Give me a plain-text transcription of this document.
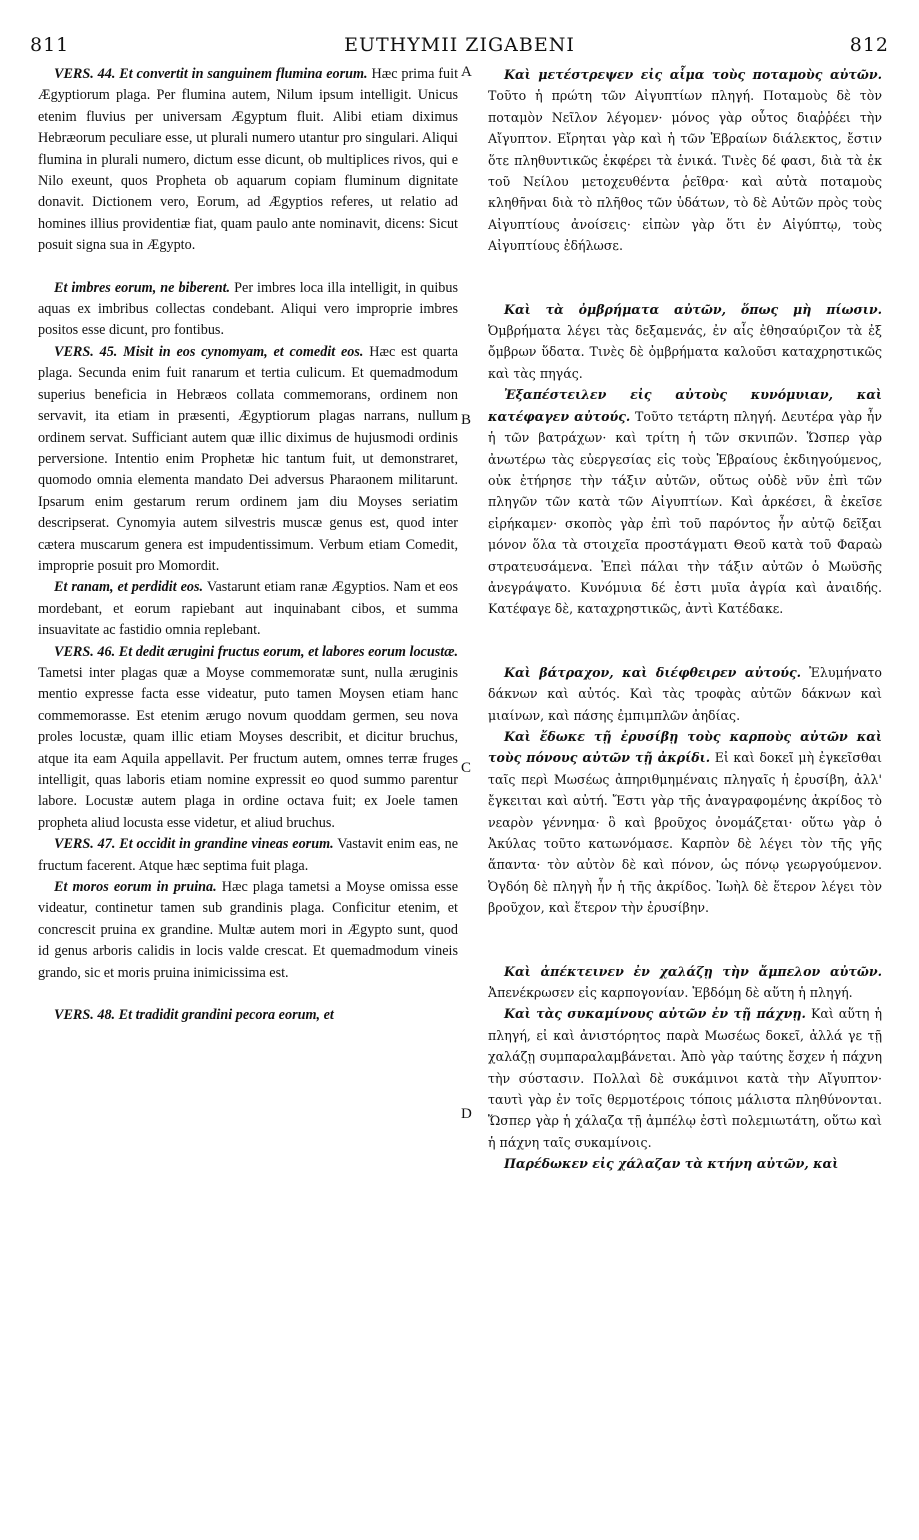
811	EUTHYMII ZIGABENI	812
A
B
C
D

VERS. 44. Et convertit in sanguinem flumina eorum. Hæc prima fuit Ægyptiorum plaga. Per flumina autem, Nilum ipsum intelligit. Unicus etenim fluvius per universam Ægyptum fluit. Alibi etiam diximus Hebræorum peculiare esse, ut plurali numero utantur pro singulari. Aliqui flumina in plurali numero, dictum esse dicunt, ob multiplices rivos, qui e Nilo exeunt, quos Propheta ob aquarum copiam fluminum dignitate donavit. Dictionem vero, Eorum, ad Ægyptios referes, ut relatio ad homines illius providentiæ fiat, quam paulo ante nominavit, dicens: Sicut posuit signa sua in Ægypto.

Et imbres eorum, ne biberent. Per imbres loca illa intelligit, in quibus aquas ex imbribus collectas condebant. Aliqui vero improprie imbres positos esse dicunt, pro fontibus.

VERS. 45. Misit in eos cynomyam, et comedit eos. Hæc est quarta plaga. Secunda enim fuit ranarum et tertia culicum. Et quemadmodum superius beneficia in Hebræos collata commemorans, ordinem non servavit, ita etiam in præsenti, Ægyptiorum plagas narrans, nullum ordinem servat. Sufficiant autem quæ illic diximus de hujusmodi ordinis perversione. Intentio enim Prophetæ hic tantum fuit, ut demonstraret, quomodo omnia elementa mandato Dei adversus Pharaonem militarunt. Ipsarum enim gestarum rerum ordinem jam diu Moyses seriatim descripserat. Cynomyia autem silvestris muscæ genus est, quod inter cætera muscarum genera est impudentissimum. Verbum etiam Comedit, improprie posuit pro Momordit.

Et ranam, et perdidit eos. Vastarunt etiam ranæ Ægyptios. Nam et eos mordebant, et eorum rapiebant aut inquinabant cibos, et summa insuavitate ac fastidio omnia replebant.

VERS. 46. Et dedit ærugini fructus eorum, et labores eorum locustæ. Tametsi inter plagas quæ a Moyse commemoratæ sunt, nulla æruginis mentio expresse facta esse videatur, puto tamen Moysen etiam hanc commemorasse. Est etenim ærugo novum quoddam germen, seu nova proles locustæ, quam illic etiam Moyses describit, et dicitur bruchus, atque ita eam Aquila appellavit. Per fructum autem, omnes terræ fruges intelligit, quas laboris etiam nomine expressit eo quod summo parentur labore. Locustæ autem plaga in ordine octava fuit; ex Joele tamen propheta aliud locusta esse videtur, et aliud bruchus.

VERS. 47. Et occidit in grandine vineas eorum. Vastavit enim eas, ne fructum facerent. Atque hæc septima fuit plaga.

Et moros eorum in pruina. Hæc plaga tametsi a Moyse omissa esse videatur, continetur tamen sub grandinis plaga. Conficitur etenim, et concrescit pruina ex grandine. Multæ autem mori in Ægypto sunt, quod id genus arboris calidis in locis valde crescat. Et quemadmodum vineis grando, sic et moris pruina inimicissima est.

VERS. 48. Et tradidit grandini pecora eorum, et

Καὶ μετέστρεψεν εἰς αἷμα τοὺς ποταμοὺς αὐτῶν. Τοῦτο ἡ πρώτη τῶν Αἰγυπτίων πληγή. Ποταμοὺς δὲ τὸν ποταμὸν Νεῖλον λέγομεν· μόνος γὰρ οὗτος διαῤῥέει τὴν Αἴγυπτον. Εἴρηται γὰρ καὶ ἡ τῶν Ἑβραίων διάλεκτος, ἔστιν ὅτε πληθυντικῶς ἐκφέρει τὰ ἑνικά. Τινὲς δέ φασι, διὰ τὰ ἐκ τοῦ Νείλου μετοχευθέντα ῥεῖθρα· καὶ αὐτὰ ποταμοὺς κληθῆναι διὰ τὸ πλῆθος τῶν ὑδάτων, τὸ δὲ Αὐτῶν πρὸς τοὺς Αἰγυπτίους ἀνοίσεις· εἰπὼν γὰρ ὅτι ἐν Αἰγύπτῳ, τοὺς Αἰγυπτίους ἐδήλωσε.

Καὶ τὰ ὀμβρήματα αὐτῶν, ὅπως μὴ πίωσιν. Ὀμβρήματα λέγει τὰς δεξαμενάς, ἐν αἷς ἐθησαύριζον τὰ ἐξ ὄμβρων ὕδατα. Τινὲς δὲ ὀμβρήματα καλοῦσι καταχρηστικῶς καὶ τὰς πηγάς.

Ἐξαπέστειλεν εἰς αὐτοὺς κυνόμυιαν, καὶ κατέφαγεν αὐτούς. Τοῦτο τετάρτη πληγή. Δευτέρα γὰρ ἦν ἡ τῶν βατράχων· καὶ τρίτη ἡ τῶν σκνιπῶν. Ὥσπερ γὰρ ἀνωτέρω τὰς εὐεργεσίας εἰς τοὺς Ἑβραίους ἐκδιηγούμενος, οὐκ ἐτήρησε τὴν τάξιν αὐτῶν, οὕτως οὐδὲ νῦν ἐπὶ τῶν πληγῶν τῶν κατὰ τῶν Αἰγυπτίων. Καὶ ἀρκέσει, ἃ ἐκεῖσε εἰρήκαμεν· σκοπὸς γὰρ ἐπὶ τοῦ παρόντος ἦν αὐτῷ δεῖξαι μόνον ὅλα τὰ στοιχεῖα προστάγματι Θεοῦ κατὰ τοῦ Φαραὼ στρατευσάμενα. Ἐπεὶ πάλαι τὴν τάξιν αὐτῶν ὁ Μωϋσῆς ἀνεγράψατο. Κυνόμυια δέ ἐστι μυῖα ἀγρία καὶ ἀναιδής. Κατέφαγε δὲ, καταχρηστικῶς, ἀντὶ Κατέδακε.

Καὶ βάτραχον, καὶ διέφθειρεν αὐτούς. Ἐλυμήνατο δάκνων καὶ αὐτός. Καὶ τὰς τροφὰς αὐτῶν δάκνων καὶ μιαίνων, καὶ πάσης ἐμπιμπλῶν ἀηδίας.

Καὶ ἔδωκε τῇ ἐρυσίβῃ τοὺς καρποὺς αὐτῶν καὶ τοὺς πόνους αὐτῶν τῇ ἀκρίδι. Εἰ καὶ δοκεῖ μὴ ἐγκεῖσθαι ταῖς περὶ Μωσέως ἀπηριθμημέναις πληγαῖς ἡ ἐρυσίβη, ἀλλ' ἔγκειται καὶ αὐτή. Ἔστι γὰρ τῆς ἀναγραφομένης ἀκρίδος τὸ νεαρὸν γέννημα· ὃ καὶ βροῦχος ὀνομάζεται· οὕτω γὰρ ὁ Ἀκύλας τοῦτο κατωνόμασε. Καρπὸν δὲ λέγει τὸν τῆς γῆς ἅπαντα· τὸν αὐτὸν δὲ καὶ πόνον, ὡς πόνῳ γεωργούμενον. Ὀγδόη δὲ πληγὴ ἦν ἡ τῆς ἀκρίδος. Ἰωὴλ δὲ ἕτερον λέγει τὸν βροῦχον, καὶ ἕτερον τὴν ἐρυσίβην.

Καὶ ἀπέκτεινεν ἐν χαλάζῃ τὴν ἄμπελον αὐτῶν. Ἀπενέκρωσεν εἰς καρπογονίαν. Ἑβδόμη δὲ αὕτη ἡ πληγή.

Καὶ τὰς συκαμίνους αὐτῶν ἐν τῇ πάχνῃ. Καὶ αὕτη ἡ πληγή, εἰ καὶ ἀνιστόρητος παρὰ Μωσέως δοκεῖ, ἀλλά γε τῇ χαλάζῃ συμπαραλαμβάνεται. Ἀπὸ γὰρ ταύτης ἔσχεν ἡ πάχνη τὴν σύστασιν. Πολλαὶ δὲ συκάμινοι κατὰ τὴν Αἴγυπτον· ταυτὶ γὰρ ἐν τοῖς θερμοτέροις τόποις μάλιστα πληθύνονται. Ὥσπερ γὰρ ἡ χάλαζα τῇ ἀμπέλῳ ἐστὶ πολεμιωτάτη, οὕτω καὶ ἡ πάχνη ταῖς συκαμίνοις.

Παρέδωκεν εἰς χάλαζαν τὰ κτήνη αὐτῶν, καὶ
